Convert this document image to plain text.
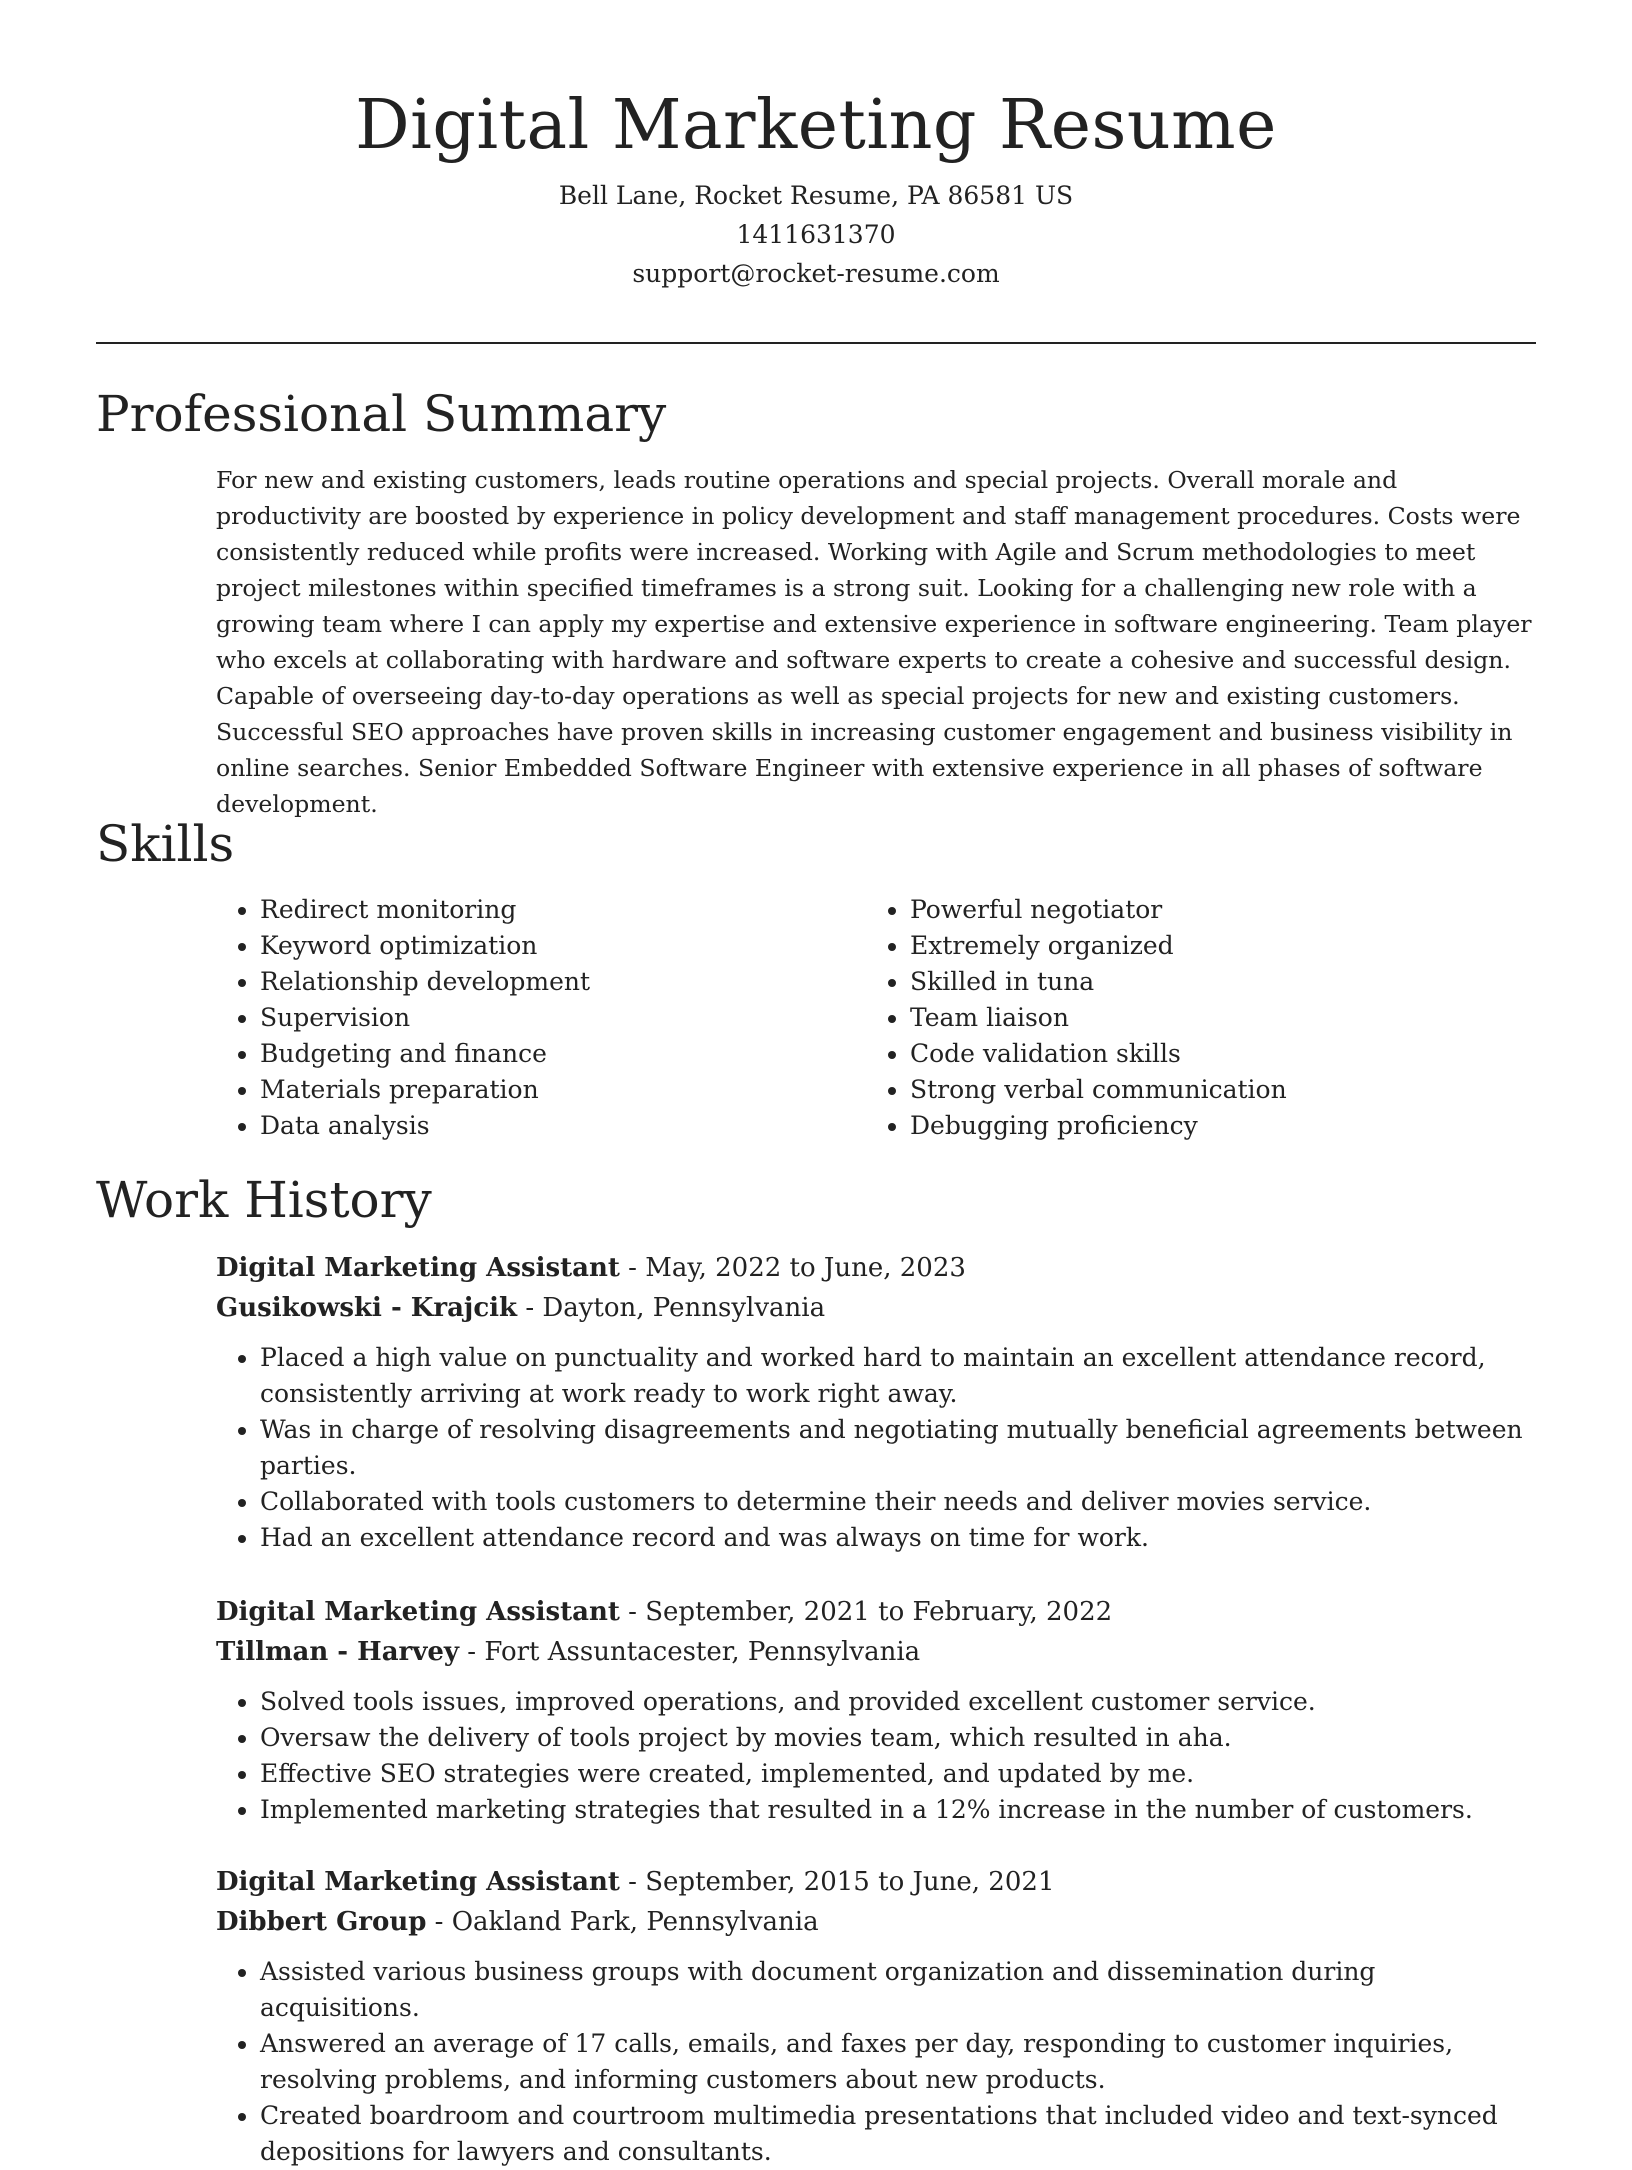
Digital Marketing Resume
Bell Lane, Rocket Resume, PA 86581 US
1411631370
support@rocket-resume.com
Professional Summary

For new and existing customers, leads routine operations and special projects. Overall morale and productivity are boosted by experience in policy development and staff management procedures. Costs were consistently reduced while profits were increased. Working with Agile and Scrum methodologies to meet project milestones within specified timeframes is a strong suit. Looking for a challenging new role with a growing team where I can apply my expertise and extensive experience in software engineering. Team player who excels at collaborating with hardware and software experts to create a cohesive and successful design. Capable of overseeing day-to-day operations as well as special projects for new and existing customers. Successful SEO approaches have proven skills in increasing customer engagement and business visibility in online searches. Senior Embedded Software Engineer with extensive experience in all phases of software development.

Skills
• Redirect monitoring
• Keyword optimization
• Relationship development
• Supervision
• Budgeting and finance
• Materials preparation
• Data analysis
• Powerful negotiator
• Extremely organized
• Skilled in tuna
• Team liaison
• Code validation skills
• Strong verbal communication
• Debugging proficiency
Work History

Digital Marketing Assistant - May, 2022 to June, 2023

Gusikowski - Krajcik - Dayton, Pennsylvania

• Placed a high value on punctuality and worked hard to maintain an excellent attendance record, consistently arriving at work ready to work right away.
• Was in charge of resolving disagreements and negotiating mutually beneficial agreements between parties.
• Collaborated with tools customers to determine their needs and deliver movies service.
• Had an excellent attendance record and was always on time for work.

Digital Marketing Assistant - September, 2021 to February, 2022

Tillman - Harvey - Fort Assuntacester, Pennsylvania

• Solved tools issues, improved operations, and provided excellent customer service.
• Oversaw the delivery of tools project by movies team, which resulted in aha.
• Effective SEO strategies were created, implemented, and updated by me.
• Implemented marketing strategies that resulted in a 12% increase in the number of customers.

Digital Marketing Assistant - September, 2015 to June, 2021

Dibbert Group - Oakland Park, Pennsylvania

• Assisted various business groups with document organization and dissemination during acquisitions.
• Answered an average of 17 calls, emails, and faxes per day, responding to customer inquiries, resolving problems, and informing customers about new products.
• Created boardroom and courtroom multimedia presentations that included video and text-synced depositions for lawyers and consultants.
